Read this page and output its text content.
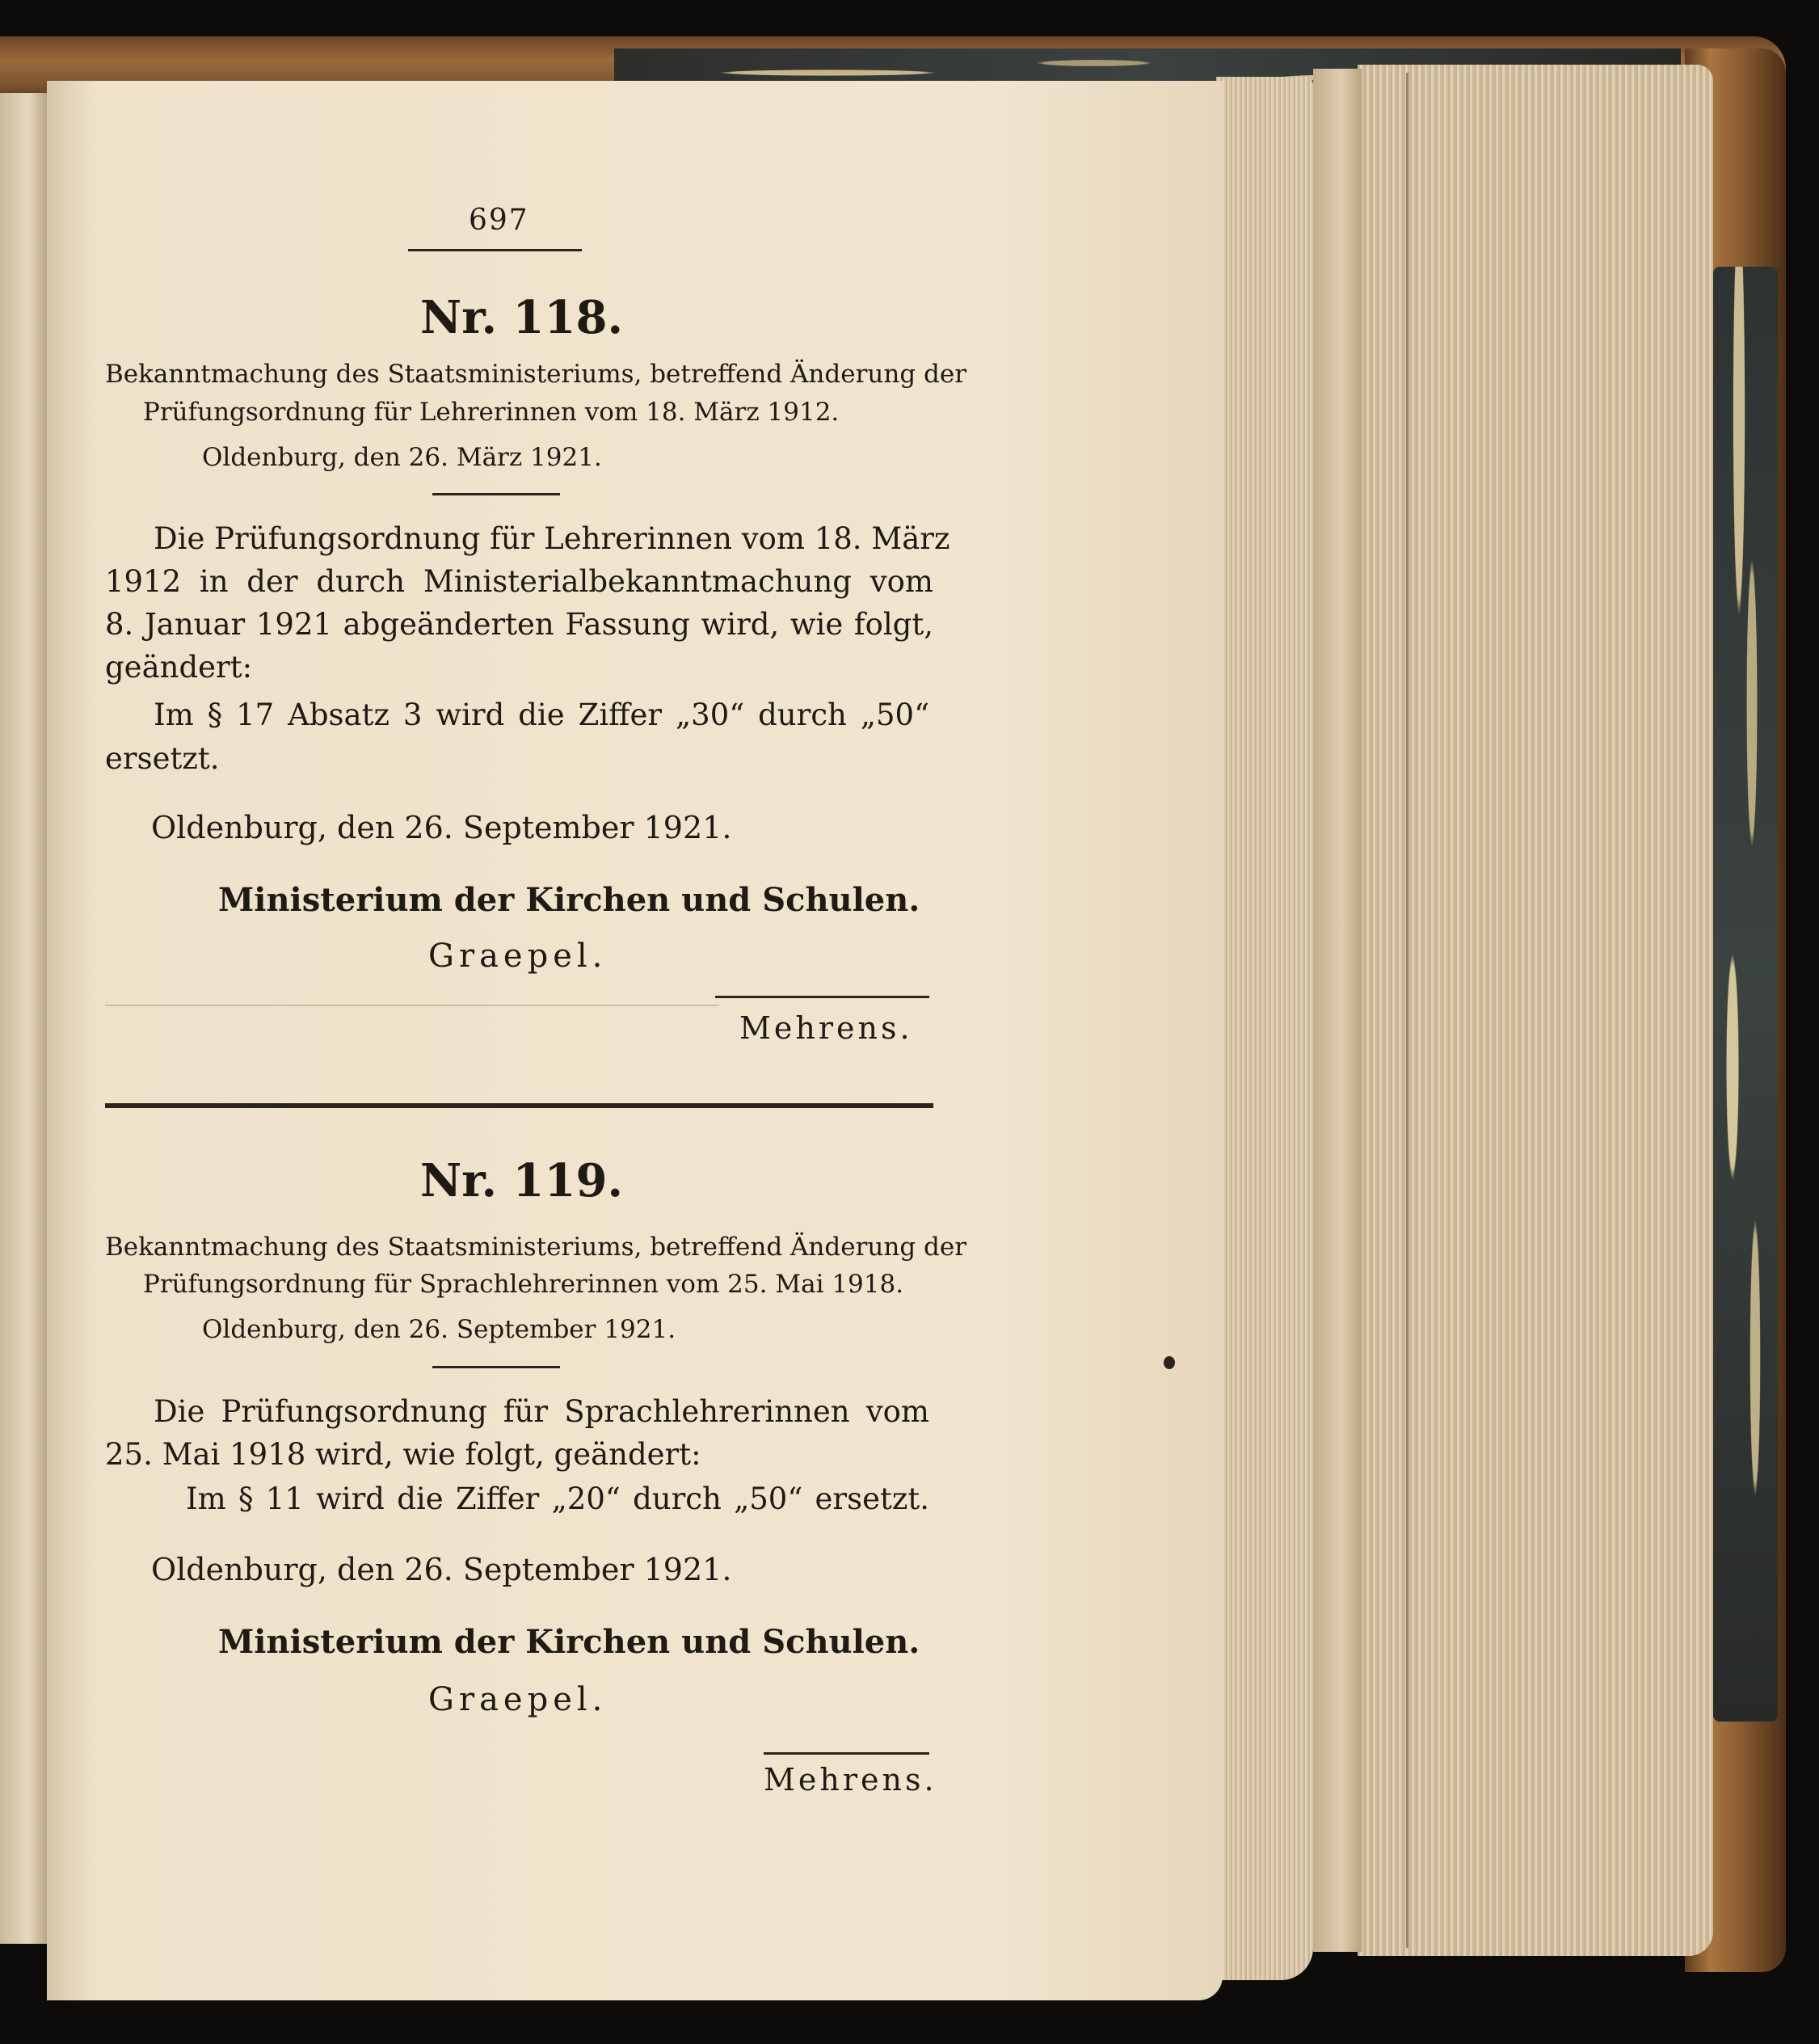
697
Nr. 118.
Bekanntmachung des Staatsministeriums, betreffend Änderung der
Prüfungsordnung für Lehrerinnen vom 18. März 1912.
Oldenburg, den 26. März 1921.
Die Prüfungsordnung für Lehrerinnen vom 18. März
1912 in der durch Ministerialbekanntmachung vom
8. Januar 1921 abgeänderten Fassung wird, wie folgt,
geändert:
Im § 17 Absatz 3 wird die Ziffer „30“ durch „50“
ersetzt.
Oldenburg, den 26. September 1921.
Ministerium der Kirchen und Schulen.
Graepel.
Mehrens.
Nr. 119.
Bekanntmachung des Staatsministeriums, betreffend Änderung der
Prüfungsordnung für Sprachlehrerinnen vom 25. Mai 1918.
Oldenburg, den 26. September 1921.
Die Prüfungsordnung für Sprachlehrerinnen vom
25. Mai 1918 wird, wie folgt, geändert:
Im § 11 wird die Ziffer „20“ durch „50“ ersetzt.
Oldenburg, den 26. September 1921.
Ministerium der Kirchen und Schulen.
Graepel.
Mehrens.
